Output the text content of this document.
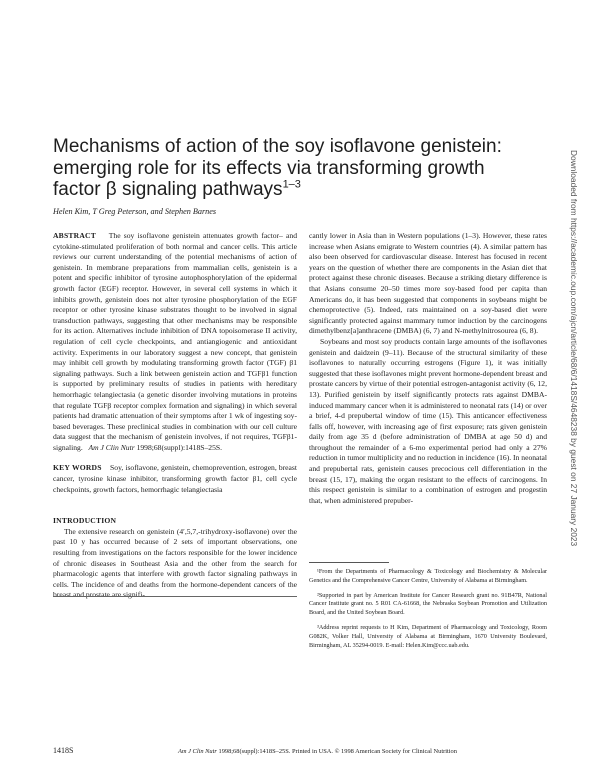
Mechanisms of action of the soy isoflavone genistein: emerging role for its effects via transforming growth factor β signaling pathways$^{1-3}$
Helen Kim, T Greg Peterson, and Stephen Barnes

ABSTRACT The soy isoflavone genistein attenuates growth factor– and cytokine-stimulated proliferation of both normal and cancer cells. This article reviews our current understanding of the potential mechanisms of action of genistein. In membrane preparations from mammalian cells, genistein is a potent and specific inhibitor of tyrosine autophosphorylation of the epidermal growth factor (EGF) receptor. However, in several cell systems in which it inhibits growth, genistein does not alter tyrosine phosphorylation of the EGF receptor or other tyrosine kinase substrates thought to be involved in signal transduction pathways, suggesting that other mechanisms may be responsible for its action. Alternatives include inhibition of DNA topoisomerase II activity, regulation of cell cycle checkpoints, and antiangiogenic and antioxidant activity. Experiments in our laboratory suggest a new concept, that genistein may inhibit cell growth by modulating transforming growth factor (TGF) β1 signaling pathways. Such a link between genistein action and TGFβ1 function is supported by preliminary results of studies in patients with hereditary hemorrhagic telangiectasia (a genetic disorder involving mutations in proteins that regulate TGFβ receptor complex formation and signaling) in which several patients had dramatic attenuation of their symptoms after 1 wk of ingesting soy-based beverages. These preclinical studies in combination with our cell culture data suggest that the mechanism of genistein involves, if not requires, TGFβ1-signaling. Am J Clin Nutr 1998;68(suppl):1418S–25S.

KEY WORDS Soy, isoflavone, genistein, chemoprevention, estrogen, breast cancer, tyrosine kinase inhibitor, transforming growth factor β1, cell cycle checkpoints, growth factors, hemorrhagic telangiectasia

INTRODUCTION

The extensive research on genistein (4′,5,7,-trihydroxy-isoflavone) over the past 10 y has occurred because of 2 sets of important observations, one resulting from investigations on the factors responsible for the lower incidence of chronic diseases in Southeast Asia and the other from the search for pharmacologic agents that interfere with growth factor signaling pathways in cells. The incidence of and deaths from the hormone-dependent cancers of the breast and prostate are signifi-

cantly lower in Asia than in Western populations (1–3). However, these rates increase when Asians emigrate to Western countries (4). A similar pattern has also been observed for cardiovascular disease. Interest has focused in recent years on the question of whether there are components in the Asian diet that protect against these chronic diseases. Because a striking dietary difference is that Asians consume 20–50 times more soy-based food per capita than Americans do, it has been suggested that components in soybeans might be chemoprotective (5). Indeed, rats maintained on a soy-based diet were significantly protected against mammary tumor induction by the carcinogens dimethylbenz[a]anthracene (DMBA) (6, 7) and N-methylnitrosourea (6, 8).

Soybeans and most soy products contain large amounts of the isoflavones genistein and daidzein (9–11). Because of the structural similarity of these isoflavones to naturally occurring estrogens (Figure 1), it was initially suggested that these isoflavones might prevent hormone-dependent breast and prostate cancers by virtue of their potential estrogen-antagonist activity (6, 12, 13). Purified genistein by itself significantly protects rats against DMBA-induced mammary cancer when it is administered to neonatal rats (14) or over a brief, 4-d prepubertal window of time (15). This anticancer effectiveness falls off, however, with increasing age of first exposure; rats given genistein daily from age 35 d (before administration of DMBA at age 50 d) and throughout the remainder of a 6-mo experimental period had only a 27% reduction in tumor multiplicity and no reduction in incidence (16). In neonatal and prepubertal rats, genistein causes precocious cell differentiation in the breast (15, 17), making the organ resistant to the effects of carcinogens. In this respect genistein is similar to a combination of estrogen and progestin that, when administered prepuber-

¹From the Departments of Pharmacology & Toxicology and Biochemistry & Molecular Genetics and the Comprehensive Cancer Centre, University of Alabama at Birmingham.

²Supported in part by American Institute for Cancer Research grant no. 91B47R, National Cancer Institute grant no. 5 R01 CA-61668, the Nebraska Soybean Promotion and Utilization Board, and the United Soybean Board.

³Address reprint requests to H Kim, Department of Pharmacology and Toxicology, Room G082K, Volker Hall, University of Alabama at Birmingham, 1670 University Boulevard, Birmingham, AL 35294-0019. E-mail: Helen.Kim@ccc.uab.edu.

1418S	Am J Clin Nutr 1998;68(suppl):1418S–25S. Printed in USA. © 1998 American Society for Clinical Nutrition
Downloaded from https://academic.oup.com/ajcn/article/68/6/1418S/4648238 by guest on 27 January 2023
